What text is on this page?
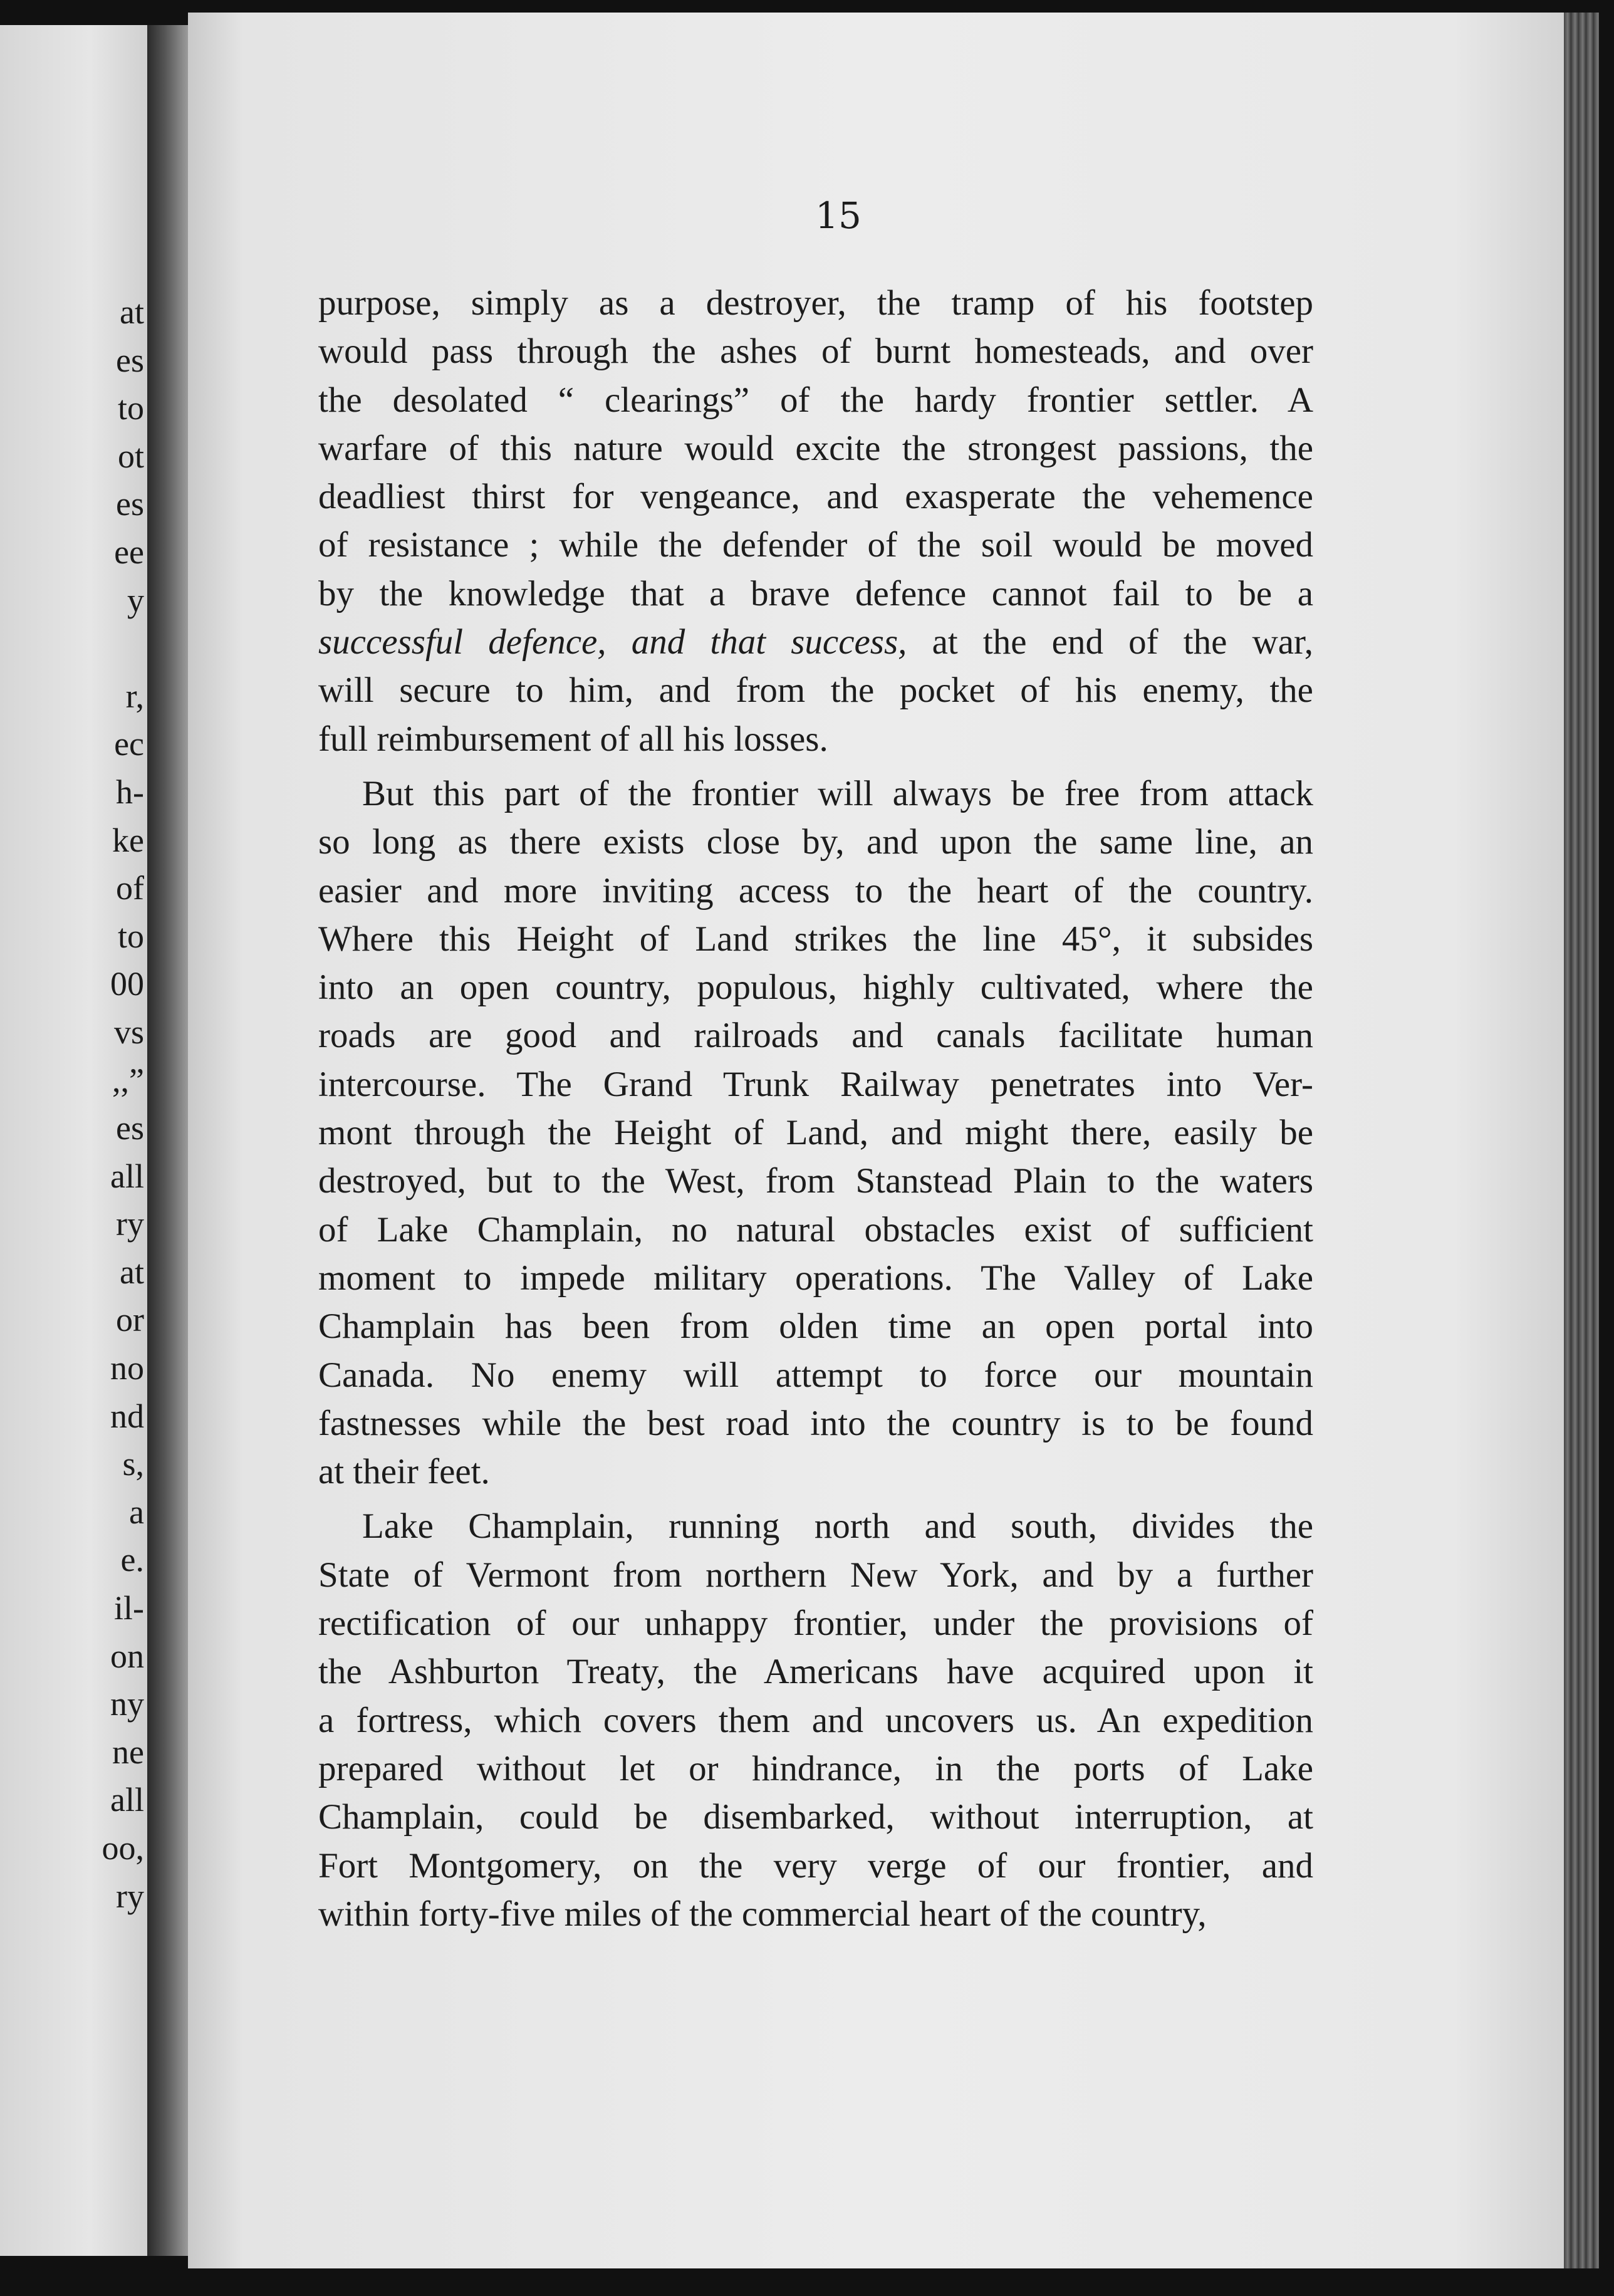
at
es
to
ot
es
ee
y

r,
ec
h-
ke
of
to
00
vs
,,”
es
all
ry
at
or
no
nd
s,
a
e.
il-
on
ny
ne
all
oo,
ry
15
purpose, simply as a destroyer, the tramp of his footstep
would pass through the ashes of burnt homesteads, and over
the desolated “ clearings” of the hardy frontier settler. A
warfare of this nature would excite the strongest passions, the
deadliest thirst for vengeance, and exasperate the vehemence
of resistance ; while the defender of the soil would be moved
by the knowledge that a brave defence cannot fail to be a
successful defence, and that success, at the end of the war,
will secure to him, and from the pocket of his enemy, the
full reimbursement of all his losses.
But this part of the frontier will always be free from attack
so long as there exists close by, and upon the same line, an
easier and more inviting access to the heart of the country.
Where this Height of Land strikes the line 45°, it subsides
into an open country, populous, highly cultivated, where the
roads are good and railroads and canals facilitate human
intercourse. The Grand Trunk Railway penetrates into Ver-
mont through the Height of Land, and might there, easily be
destroyed, but to the West, from Stanstead Plain to the waters
of Lake Champlain, no natural obstacles exist of sufficient
moment to impede military operations. The Valley of Lake
Champlain has been from olden time an open portal into
Canada. No enemy will attempt to force our mountain
fastnesses while the best road into the country is to be found
at their feet.
Lake Champlain, running north and south, divides the
State of Vermont from northern New York, and by a further
rectification of our unhappy frontier, under the provisions of
the Ashburton Treaty, the Americans have acquired upon it
a fortress, which covers them and uncovers us. An expedition
prepared without let or hindrance, in the ports of Lake
Champlain, could be disembarked, without interruption, at
Fort Montgomery, on the very verge of our frontier, and
within forty-five miles of the commercial heart of the country,
